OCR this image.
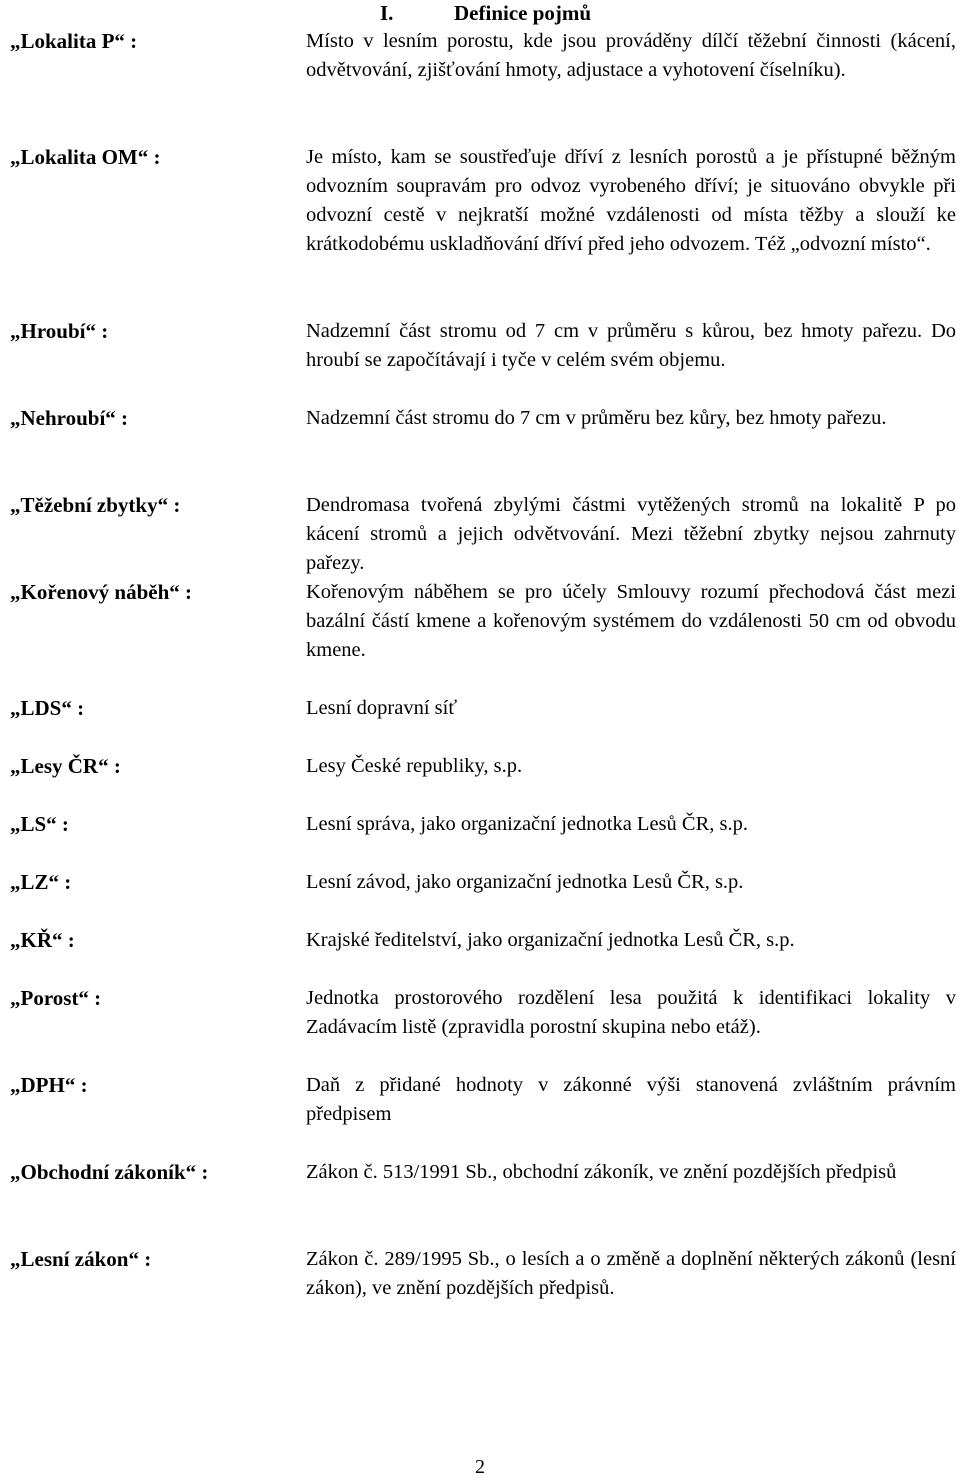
I.	Definice pojmů
„Lokalita P“ :
„Lokalita OM“ :
„Hroubí“ :
„Nehroubí“ :
„Těžební zbytky“ :
„Kořenový náběh“ :
„LDS“ :
„Lesy ČR“ :
„LS“ :
„LZ“ :
„KŘ“ :
„Porost“ :
„DPH“ :
„Obchodní zákoník“ :
„Lesní zákon“ :
Místo v lesním porostu, kde jsou prováděny dílčí těžební činnosti (kácení, odvětvování, zjišťování hmoty, adjustace a vyhotovení číselníku).
Je místo, kam se soustřeďuje dříví z lesních porostů a je přístupné běžným odvozním soupravám pro odvoz vyrobeného dříví; je situováno obvykle při odvozní cestě v nejkratší možné vzdálenosti od místa těžby a slouží ke krátkodobému uskladňování dříví před jeho odvozem. Též „odvozní místo“.
Nadzemní část stromu od 7 cm v průměru s kůrou, bez hmoty pařezu. Do hroubí se započítávají i tyče v celém svém objemu.
Nadzemní část stromu do 7 cm v průměru bez kůry, bez hmoty pařezu.
Dendromasa tvořená zbylými částmi vytěžených stromů na lokalitě P po kácení stromů a jejich odvětvování. Mezi těžební zbytky nejsou zahrnuty pařezy.
Kořenovým náběhem se pro účely Smlouvy rozumí přechodová část mezi bazální částí kmene a kořenovým systémem do vzdálenosti 50 cm od obvodu kmene.
Lesní dopravní síť
Lesy České republiky, s.p.
Lesní správa, jako organizační jednotka Lesů ČR, s.p.
Lesní závod, jako organizační jednotka Lesů ČR, s.p.
Krajské ředitelství, jako organizační jednotka Lesů ČR, s.p.
Jednotka prostorového rozdělení lesa použitá k identifikaci lokality v Zadávacím listě (zpravidla porostní skupina nebo etáž).
Daň z přidané hodnoty v zákonné výši stanovená zvláštním právním předpisem
Zákon č. 513/1991 Sb., obchodní zákoník, ve znění pozdějších předpisů
Zákon č. 289/1995 Sb., o lesích a o změně a doplnění některých zákonů (lesní zákon), ve znění pozdějších předpisů.
2
